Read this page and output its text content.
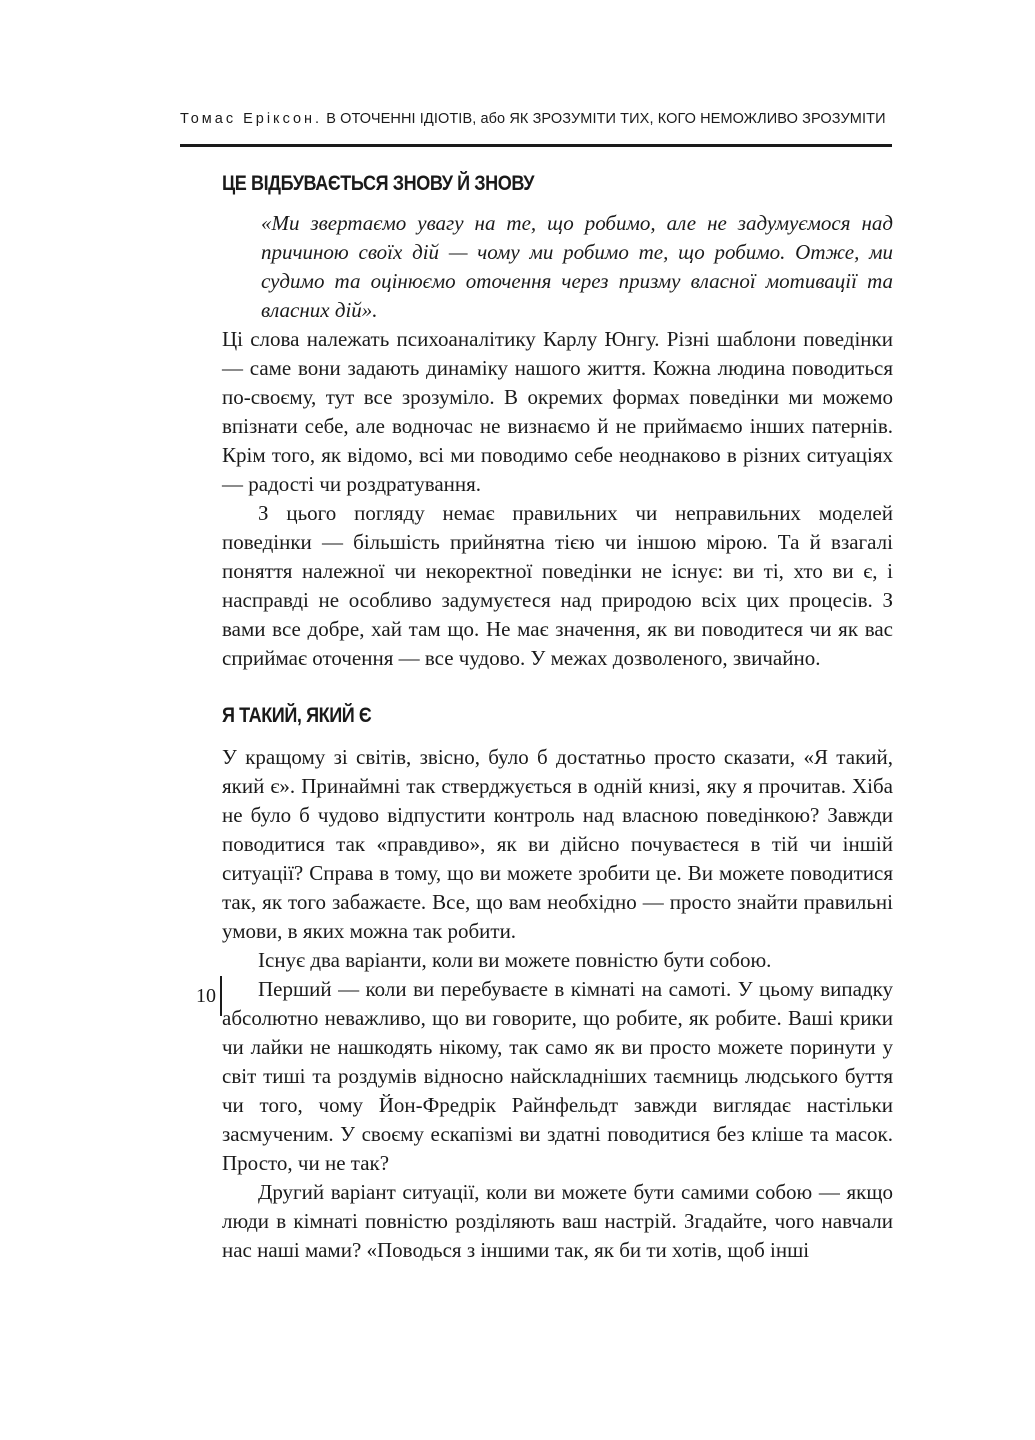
Томас Еріксон. В ОТОЧЕННІ ІДІОТІВ, або ЯК ЗРОЗУМІТИ ТИХ, КОГО НЕМОЖЛИВО ЗРОЗУМІТИ
ЦЕ ВІДБУВАЄТЬСЯ ЗНОВУ Й ЗНОВУ

«Ми звертаємо увагу на те, що робимо, але не задумуємося над причиною своїх дій — чому ми робимо те, що робимо. Отже, ми судимо та оцінюємо оточення через призму власної мотивації та власних дій».

Ці слова належать психоаналітику Карлу Юнгу. Різні шаблони поведінки — саме вони задають динаміку нашого життя. Кожна людина поводиться по-своєму, тут все зрозуміло. В окремих формах поведінки ми можемо впізнати себе, але водночас не визнаємо й не приймаємо інших патернів. Крім того, як відомо, всі ми поводимо себе неоднаково в різних ситуаціях — радості чи роздратування.

З цього погляду немає правильних чи неправильних моделей поведінки — більшість прийнятна тією чи іншою мірою. Та й взагалі поняття належної чи некоректної поведінки не існує: ви ті, хто ви є, і насправді не особливо задумуєтеся над природою всіх цих процесів. З вами все добре, хай там що. Не має значення, як ви поводитеся чи як вас сприймає оточення — все чудово. У межах дозволеного, звичайно.

Я ТАКИЙ, ЯКИЙ Є

У кращому зі світів, звісно, було б достатньо просто сказати, «Я такий, який є». Принаймні так стверджується в одній книзі, яку я прочитав. Хіба не було б чудово відпустити контроль над власною поведінкою? Завжди поводитися так «правдиво», як ви дійсно почуваєтеся в тій чи іншій ситуації? Справа в тому, що ви можете зробити це. Ви можете поводитися так, як того забажаєте. Все, що вам необхідно — просто знайти правильні умови, в яких можна так робити.

Існує два варіанти, коли ви можете повністю бути собою.

Перший — коли ви перебуваєте в кімнаті на самоті. У цьому випадку абсолютно неважливо, що ви говорите, що робите, як робите. Ваші крики чи лайки не нашкодять нікому, так само як ви просто можете поринути у світ тиші та роздумів відносно найскладніших таємниць людського буття чи того, чому Йон-Фредрік Райнфельдт завжди виглядає настільки засмученим. У своєму ескапізмі ви здатні поводитися без кліше та масок. Просто, чи не так?

Другий варіант ситуації, коли ви можете бути самими собою — якщо люди в кімнаті повністю розділяють ваш настрій. Згадайте, чого навчали нас наші мами? «Поводься з іншими так, як би ти хотів, щоб інші

10
